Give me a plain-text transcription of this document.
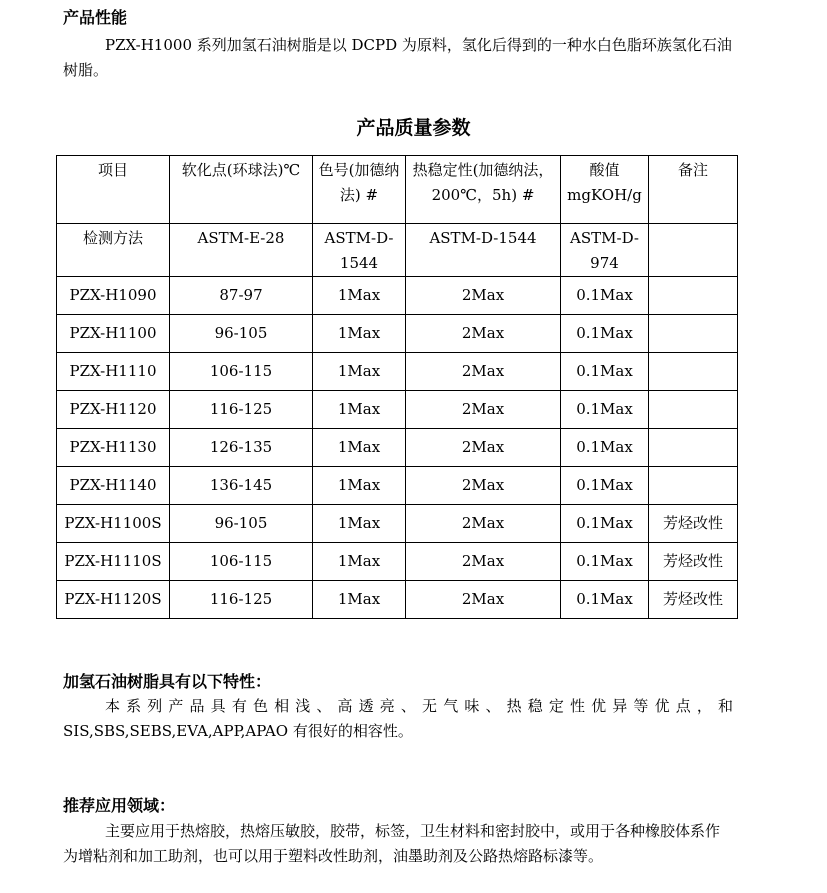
产品性能

PZX-H1000 系列加氢石油树脂是以 DCPD 为原料，氢化后得到的一种水白色脂环族氢化石油树脂。

产品质量参数
项目	软化点(环球法)℃	色号(加德纳法) #	热稳定性(加德纳法，200℃，5h) #	酸值 mgKOH/g	备注
检测方法	ASTM-E-28	ASTM-D-1544	ASTM-D-1544	ASTM-D-974	
PZX-H1090	87-97	1Max	2Max	0.1Max	
PZX-H1100	96-105	1Max	2Max	0.1Max	
PZX-H1110	106-115	1Max	2Max	0.1Max	
PZX-H1120	116-125	1Max	2Max	0.1Max	
PZX-H1130	126-135	1Max	2Max	0.1Max	
PZX-H1140	136-145	1Max	2Max	0.1Max	
PZX-H1100S	96-105	1Max	2Max	0.1Max	芳烃改性
PZX-H1110S	106-115	1Max	2Max	0.1Max	芳烃改性
PZX-H1120S	116-125	1Max	2Max	0.1Max	芳烃改性
加氢石油树脂具有以下特性：

本系列产品具有色相浅、高透亮、无气味、热稳定性优异等优点，和

SIS,SBS,SEBS,EVA,APP,APAO 有很好的相容性。

推荐应用领域：

主要应用于热熔胶，热熔压敏胶，胶带，标签，卫生材料和密封胶中，或用于各种橡胶体系作为增粘剂和加工助剂，也可以用于塑料改性助剂，油墨助剂及公路热熔路标漆等。
